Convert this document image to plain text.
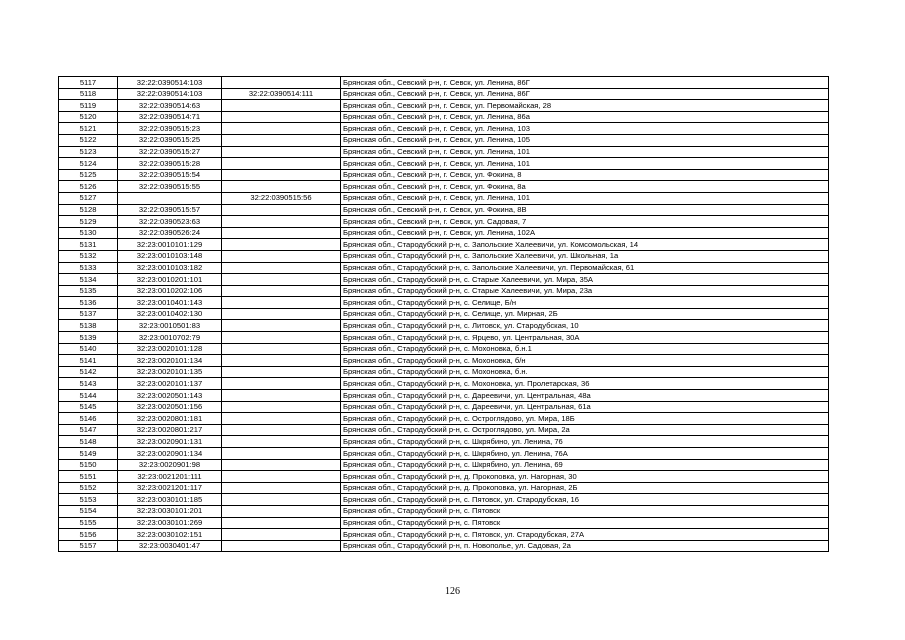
5117	32:22:0390514:103		Брянская обл., Севский р-н, г. Севск, ул. Ленина, 86Г
5118	32:22:0390514:103	32:22:0390514:111	Брянская обл., Севский р-н, г. Севск, ул. Ленина, 86Г
5119	32:22:0390514:63		Брянская обл., Севский р-н, г. Севск, ул. Первомайская, 28
5120	32:22:0390514:71		Брянская обл., Севский р-н, г. Севск, ул. Ленина, 86а
5121	32:22:0390515:23		Брянская обл., Севский р-н, г. Севск, ул. Ленина, 103
5122	32:22:0390515:25		Брянская обл., Севский р-н, г. Севск, ул. Ленина, 105
5123	32:22:0390515:27		Брянская обл., Севский р-н, г. Севск, ул. Ленина, 101
5124	32:22:0390515:28		Брянская обл., Севский р-н, г. Севск, ул. Ленина, 101
5125	32:22:0390515:54		Брянская обл., Севский р-н, г. Севск, ул. Фокина, 8
5126	32:22:0390515:55		Брянская обл., Севский р-н, г. Севск, ул. Фокина, 8а
5127		32:22:0390515:56	Брянская обл., Севский р-н, г. Севск, ул. Ленина, 101
5128	32:22:0390515:57		Брянская обл., Севский р-н, г. Севск, ул. Фокина, 8В
5129	32:22:0390523:63		Брянская обл., Севский р-н, г. Севск, ул. Садовая, 7
5130	32:22:0390526:24		Брянская обл., Севский р-н, г. Севск, ул. Ленина, 102А
5131	32:23:0010101:129		Брянская обл., Стародубский р-н, с. Запольские Халеевичи, ул. Комсомольская, 14
5132	32:23:0010103:148		Брянская обл., Стародубский р-н, с. Запольские Халеевичи, ул. Школьная, 1а
5133	32:23:0010103:182		Брянская обл., Стародубский р-н, с. Запольские Халеевичи, ул. Первомайская, 61
5134	32:23:0010201:101		Брянская обл., Стародубский р-н, с. Старые Халеевичи, ул. Мира, 35А
5135	32:23:0010202:106		Брянская обл., Стародубский р-н, с. Старые Халеевичи, ул. Мира, 23а
5136	32:23:0010401:143		Брянская обл., Стародубский р-н, с. Селище, Б/н
5137	32:23:0010402:130		Брянская обл., Стародубский р-н, с. Селище, ул. Мирная, 2Б
5138	32:23:0010501:83		Брянская обл., Стародубский р-н, с. Литовск, ул. Стародубская, 10
5139	32:23:0010702:79		Брянская обл., Стародубский р-н, с. Ярцево, ул. Центральная, 30А
5140	32:23:0020101:128		Брянская обл., Стародубский р-н, с. Мохоновка, б.н.1
5141	32:23:0020101:134		Брянская обл., Стародубский р-н, с. Мохоновка, б/н
5142	32:23:0020101:135		Брянская обл., Стародубский р-н, с. Мохоновка, б.н.
5143	32:23:0020101:137		Брянская обл., Стародубский р-н, с. Мохоновка, ул. Пролетарская, 36
5144	32:23:0020501:143		Брянская обл., Стародубский р-н, с. Дареевичи, ул. Центральная, 48а
5145	32:23:0020501:156		Брянская обл., Стародубский р-н, с. Дареевичи, ул. Центральная, 61а
5146	32:23:0020801:181		Брянская обл., Стародубский р-н, с. Остроглядово, ул. Мира, 18Б
5147	32:23:0020801:217		Брянская обл., Стародубский р-н, с. Остроглядово, ул. Мира, 2а
5148	32:23:0020901:131		Брянская обл., Стародубский р-н, с. Шкрябино, ул. Ленина, 76
5149	32:23:0020901:134		Брянская обл., Стародубский р-н, с. Шкрябино, ул. Ленина, 76А
5150	32:23:0020901:98		Брянская обл., Стародубский р-н, с. Шкрябино, ул. Ленина, 69
5151	32:23:0021201:111		Брянская обл., Стародубский р-н, д. Прокоповка, ул. Нагорная, 30
5152	32:23:0021201:117		Брянская обл., Стародубский р-н, д. Прокоповка, ул. Нагорная, 2Б
5153	32:23:0030101:185		Брянская обл., Стародубский р-н, с. Пятовск, ул. Стародубская, 16
5154	32:23:0030101:201		Брянская обл., Стародубский р-н, с. Пятовск
5155	32:23:0030101:269		Брянская обл., Стародубский р-н, с. Пятовск
5156	32:23:0030102:151		Брянская обл., Стародубский р-н, с. Пятовск, ул. Стародубская, 27А
5157	32:23:0030401:47		Брянская обл., Стародубский р-н, п. Новополье, ул. Садовая, 2а
126
